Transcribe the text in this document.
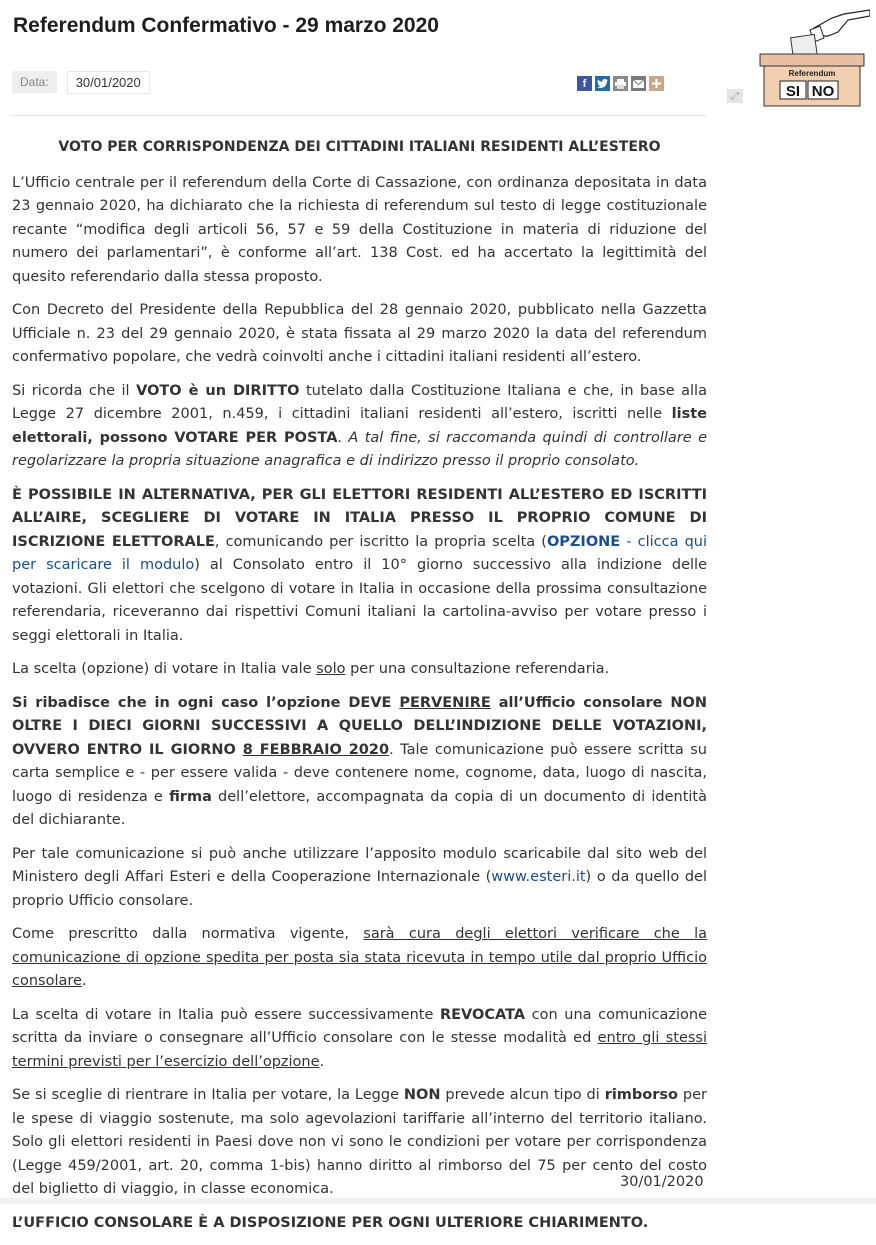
Referendum Confermativo - 29 marzo 2020
Data:	30/01/2020	f
⤢
Referendum
SI NO
VOTO PER CORRISPONDENZA DEI CITTADINI ITALIANI RESIDENTI ALL’ESTERO

L’Ufficio centrale per il referendum della Corte di Cassazione, con ordinanza depositata in data 23 gennaio 2020, ha dichiarato che la richiesta di referendum sul testo di legge costituzionale recante “modifica degli articoli 56, 57 e 59 della Costituzione in materia di riduzione del numero dei parlamentari”, è conforme all’art. 138 Cost. ed ha accertato la legittimità del quesito referendario dalla stessa proposto.

Con Decreto del Presidente della Repubblica del 28 gennaio 2020, pubblicato nella Gazzetta Ufficiale n. 23 del 29 gennaio 2020, è stata fissata al 29 marzo 2020 la data del referendum confermativo popolare, che vedrà coinvolti anche i cittadini italiani residenti all’estero.

Si ricorda che il VOTO è un DIRITTO tutelato dalla Costituzione Italiana e che, in base alla Legge 27 dicembre 2001, n.459, i cittadini italiani residenti all’estero, iscritti nelle liste elettorali, possono VOTARE PER POSTA. A tal fine, si raccomanda quindi di controllare e regolarizzare la propria situazione anagrafica e di indirizzo presso il proprio consolato.

È POSSIBILE IN ALTERNATIVA, PER GLI ELETTORI RESIDENTI ALL’ESTERO ED ISCRITTI ALL’AIRE, SCEGLIERE DI VOTARE IN ITALIA PRESSO IL PROPRIO COMUNE DI ISCRIZIONE ELETTORALE, comunicando per iscritto la propria scelta (OPZIONE - clicca qui per scaricare il modulo) al Consolato entro il 10° giorno successivo alla indizione delle votazioni. Gli elettori che scelgono di votare in Italia in occasione della prossima consultazione referendaria, riceveranno dai rispettivi Comuni italiani la cartolina-avviso per votare presso i seggi elettorali in Italia.

La scelta (opzione) di votare in Italia vale solo per una consultazione referendaria.

Si ribadisce che in ogni caso l’opzione DEVE PERVENIRE all’Ufficio consolare NON OLTRE I DIECI GIORNI SUCCESSIVI A QUELLO DELL’INDIZIONE DELLE VOTAZIONI, OVVERO ENTRO IL GIORNO 8 FEBBRAIO 2020. Tale comunicazione può essere scritta su carta semplice e - per essere valida - deve contenere nome, cognome, data, luogo di nascita, luogo di residenza e firma dell’elettore, accompagnata da copia di un documento di identità del dichiarante.

Per tale comunicazione si può anche utilizzare l’apposito modulo scaricabile dal sito web del Ministero degli Affari Esteri e della Cooperazione Internazionale (www.esteri.it) o da quello del proprio Ufficio consolare.

Come prescritto dalla normativa vigente, sarà cura degli elettori verificare che la comunicazione di opzione spedita per posta sia stata ricevuta in tempo utile dal proprio Ufficio consolare.

La scelta di votare in Italia può essere successivamente REVOCATA con una comunicazione scritta da inviare o consegnare all’Ufficio consolare con le stesse modalità ed entro gli stessi termini previsti per l’esercizio dell’opzione.

Se si sceglie di rientrare in Italia per votare, la Legge NON prevede alcun tipo di rimborso per le spese di viaggio sostenute, ma solo agevolazioni tariffarie all’interno del territorio italiano. Solo gli elettori residenti in Paesi dove non vi sono le condizioni per votare per corrispondenza (Legge 459/2001, art. 20, comma 1-bis) hanno diritto al rimborso del 75 per cento del costo del biglietto di viaggio, in classe economica.

L’UFFICIO CONSOLARE È A DISPOSIZIONE PER OGNI ULTERIORE CHIARIMENTO.

30/01/2020
